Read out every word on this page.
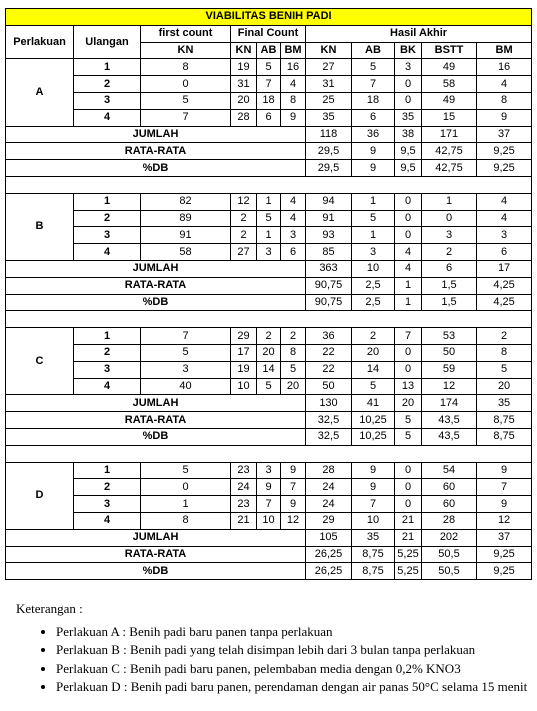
VIABILITAS BENIH PADI										
Perlakuan	Ulangan	first count	Final Count			Hasil Akhir				
		KN	KN	AB	BM	KN	AB	BK	BSTT	BM
A	1	8	19	5	16	27	5	3	49	16
	2	0	31	7	4	31	7	0	58	4
	3	5	20	18	8	25	18	0	49	8
	4	7	28	6	9	35	6	35	15	9
JUMLAH						118	36	38	171	37
RATA-RATA						29,5	9	9,5	42,75	9,25
%DB						29,5	9	9,5	42,75	9,25

B	1	82	12	1	4	94	1	0	1	4
	2	89	2	5	4	91	5	0	0	4
	3	91	2	1	3	93	1	0	3	3
	4	58	27	3	6	85	3	4	2	6
JUMLAH						363	10	4	6	17
RATA-RATA						90,75	2,5	1	1,5	4,25
%DB						90,75	2,5	1	1,5	4,25

C	1	7	29	2	2	36	2	7	53	2
	2	5	17	20	8	22	20	0	50	8
	3	3	19	14	5	22	14	0	59	5
	4	40	10	5	20	50	5	13	12	20
JUMLAH						130	41	20	174	35
RATA-RATA						32,5	10,25	5	43,5	8,75
%DB						32,5	10,25	5	43,5	8,75

D	1	5	23	3	9	28	9	0	54	9
	2	0	24	9	7	24	9	0	60	7
	3	1	23	7	9	24	7	0	60	9
	4	8	21	10	12	29	10	21	28	12
JUMLAH						105	35	21	202	37
RATA-RATA						26,25	8,75	5,25	50,5	9,25
%DB						26,25	8,75	5,25	50,5	9,25
Keterangan :
• Perlakuan A : Benih padi baru panen tanpa perlakuan
• Perlakuan B : Benih padi yang telah disimpan lebih dari 3 bulan tanpa perlakuan
• Perlakuan C : Benih padi baru panen, pelembaban media dengan 0,2% KNO3
• Perlakuan D : Benih padi baru panen, perendaman dengan air panas 50°C selama 15 menit
